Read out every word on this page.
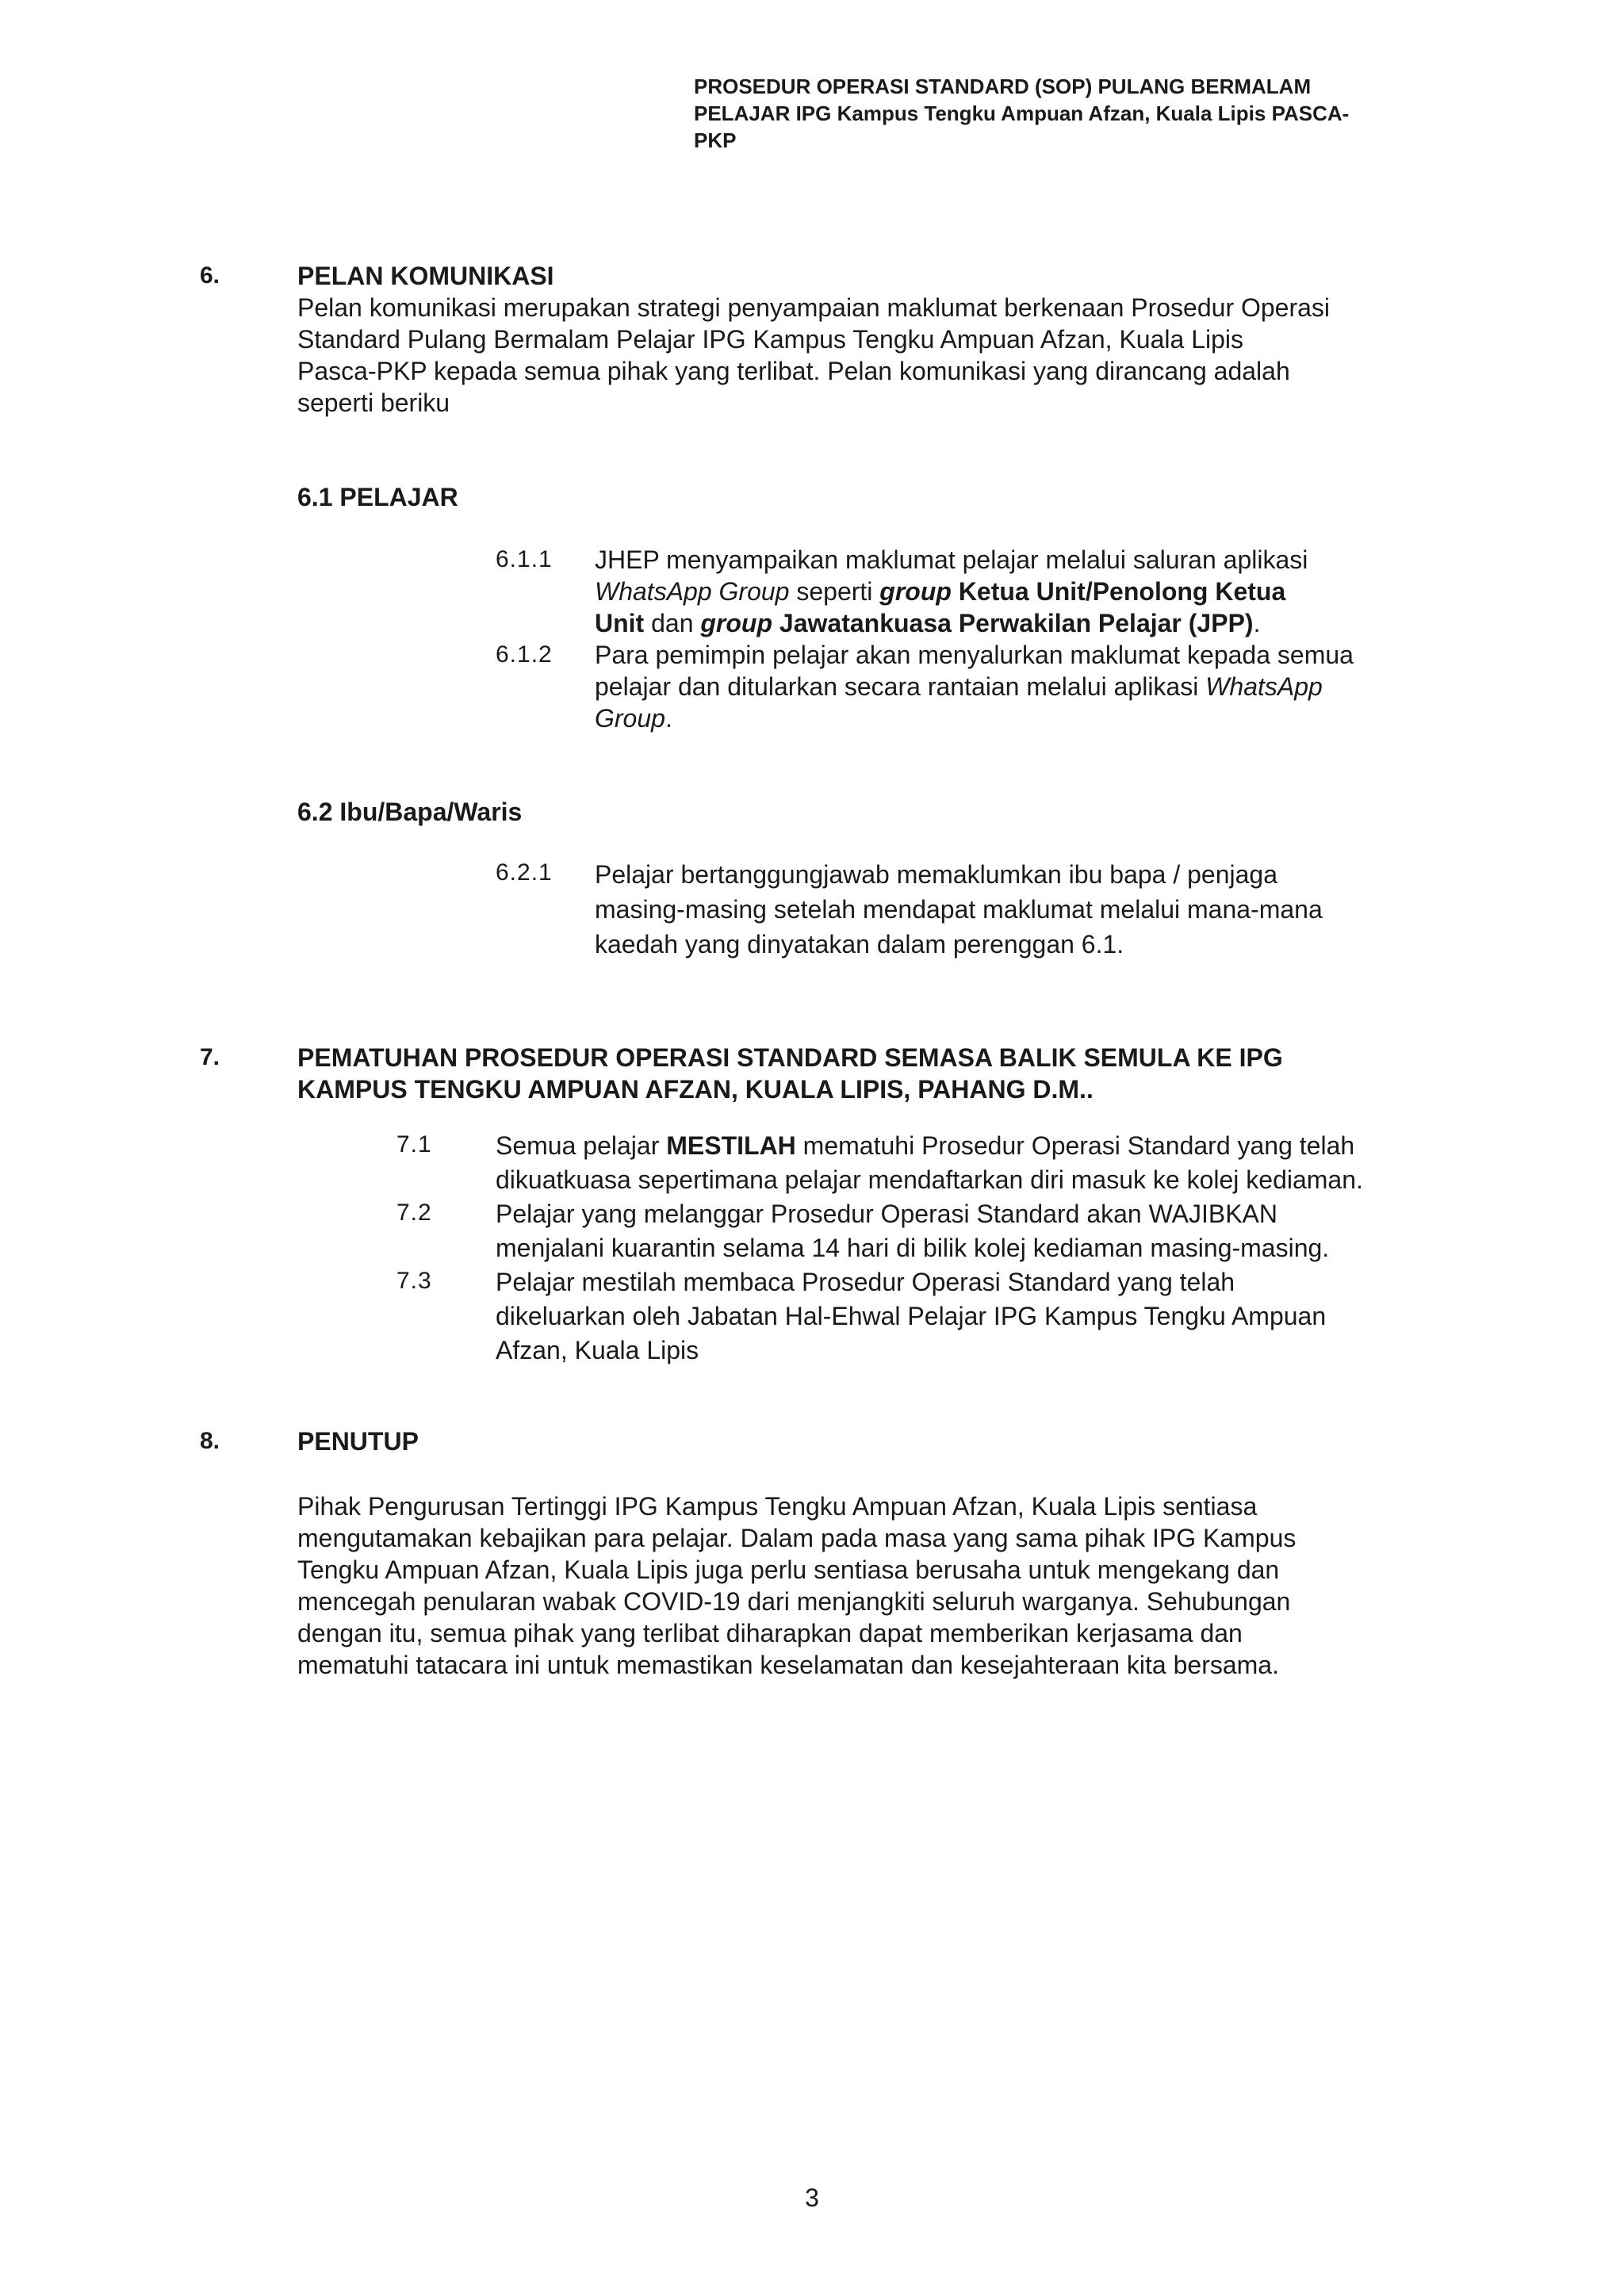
PROSEDUR OPERASI STANDARD (SOP) PULANG BERMALAM
PELAJAR IPG Kampus Tengku Ampuan Afzan, Kuala Lipis PASCA-
PKP
6.	PELAN KOMUNIKASI
Pelan komunikasi merupakan strategi penyampaian maklumat berkenaan Prosedur Operasi
Standard Pulang Bermalam Pelajar IPG Kampus Tengku Ampuan Afzan, Kuala Lipis
Pasca-PKP kepada semua pihak yang terlibat. Pelan komunikasi yang dirancang adalah
seperti beriku
6.1 PELAJAR
6.1.1 JHEP menyampaikan maklumat pelajar melalui saluran aplikasi
WhatsApp Group seperti group Ketua Unit/Penolong Ketua
Unit dan group Jawatankuasa Perwakilan Pelajar (JPP).
6.1.2 Para pemimpin pelajar akan menyalurkan maklumat kepada semua
pelajar dan ditularkan secara rantaian melalui aplikasi WhatsApp
Group.
6.2 Ibu/Bapa/Waris
6.2.1 Pelajar bertanggungjawab memaklumkan ibu bapa / penjaga
masing-masing setelah mendapat maklumat melalui mana-mana
kaedah yang dinyatakan dalam perenggan 6.1.
7.	PEMATUHAN PROSEDUR OPERASI STANDARD SEMASA BALIK SEMULA KE IPG
KAMPUS TENGKU AMPUAN AFZAN, KUALA LIPIS, PAHANG D.M..
7.1	Semua pelajar MESTILAH mematuhi Prosedur Operasi Standard yang telah
dikuatkuasa sepertimana pelajar mendaftarkan diri masuk ke kolej kediaman.
7.2	Pelajar yang melanggar Prosedur Operasi Standard akan WAJIBKAN
menjalani kuarantin selama 14 hari di bilik kolej kediaman masing-masing.
7.3	Pelajar mestilah membaca Prosedur Operasi Standard yang telah
dikeluarkan oleh Jabatan Hal-Ehwal Pelajar IPG Kampus Tengku Ampuan
Afzan, Kuala Lipis
8.	PENUTUP
Pihak Pengurusan Tertinggi IPG Kampus Tengku Ampuan Afzan, Kuala Lipis sentiasa
mengutamakan kebajikan para pelajar. Dalam pada masa yang sama pihak IPG Kampus
Tengku Ampuan Afzan, Kuala Lipis juga perlu sentiasa berusaha untuk mengekang dan
mencegah penularan wabak COVID-19 dari menjangkiti seluruh warganya. Sehubungan
dengan itu, semua pihak yang terlibat diharapkan dapat memberikan kerjasama dan
mematuhi tatacara ini untuk memastikan keselamatan dan kesejahteraan kita bersama.
3
